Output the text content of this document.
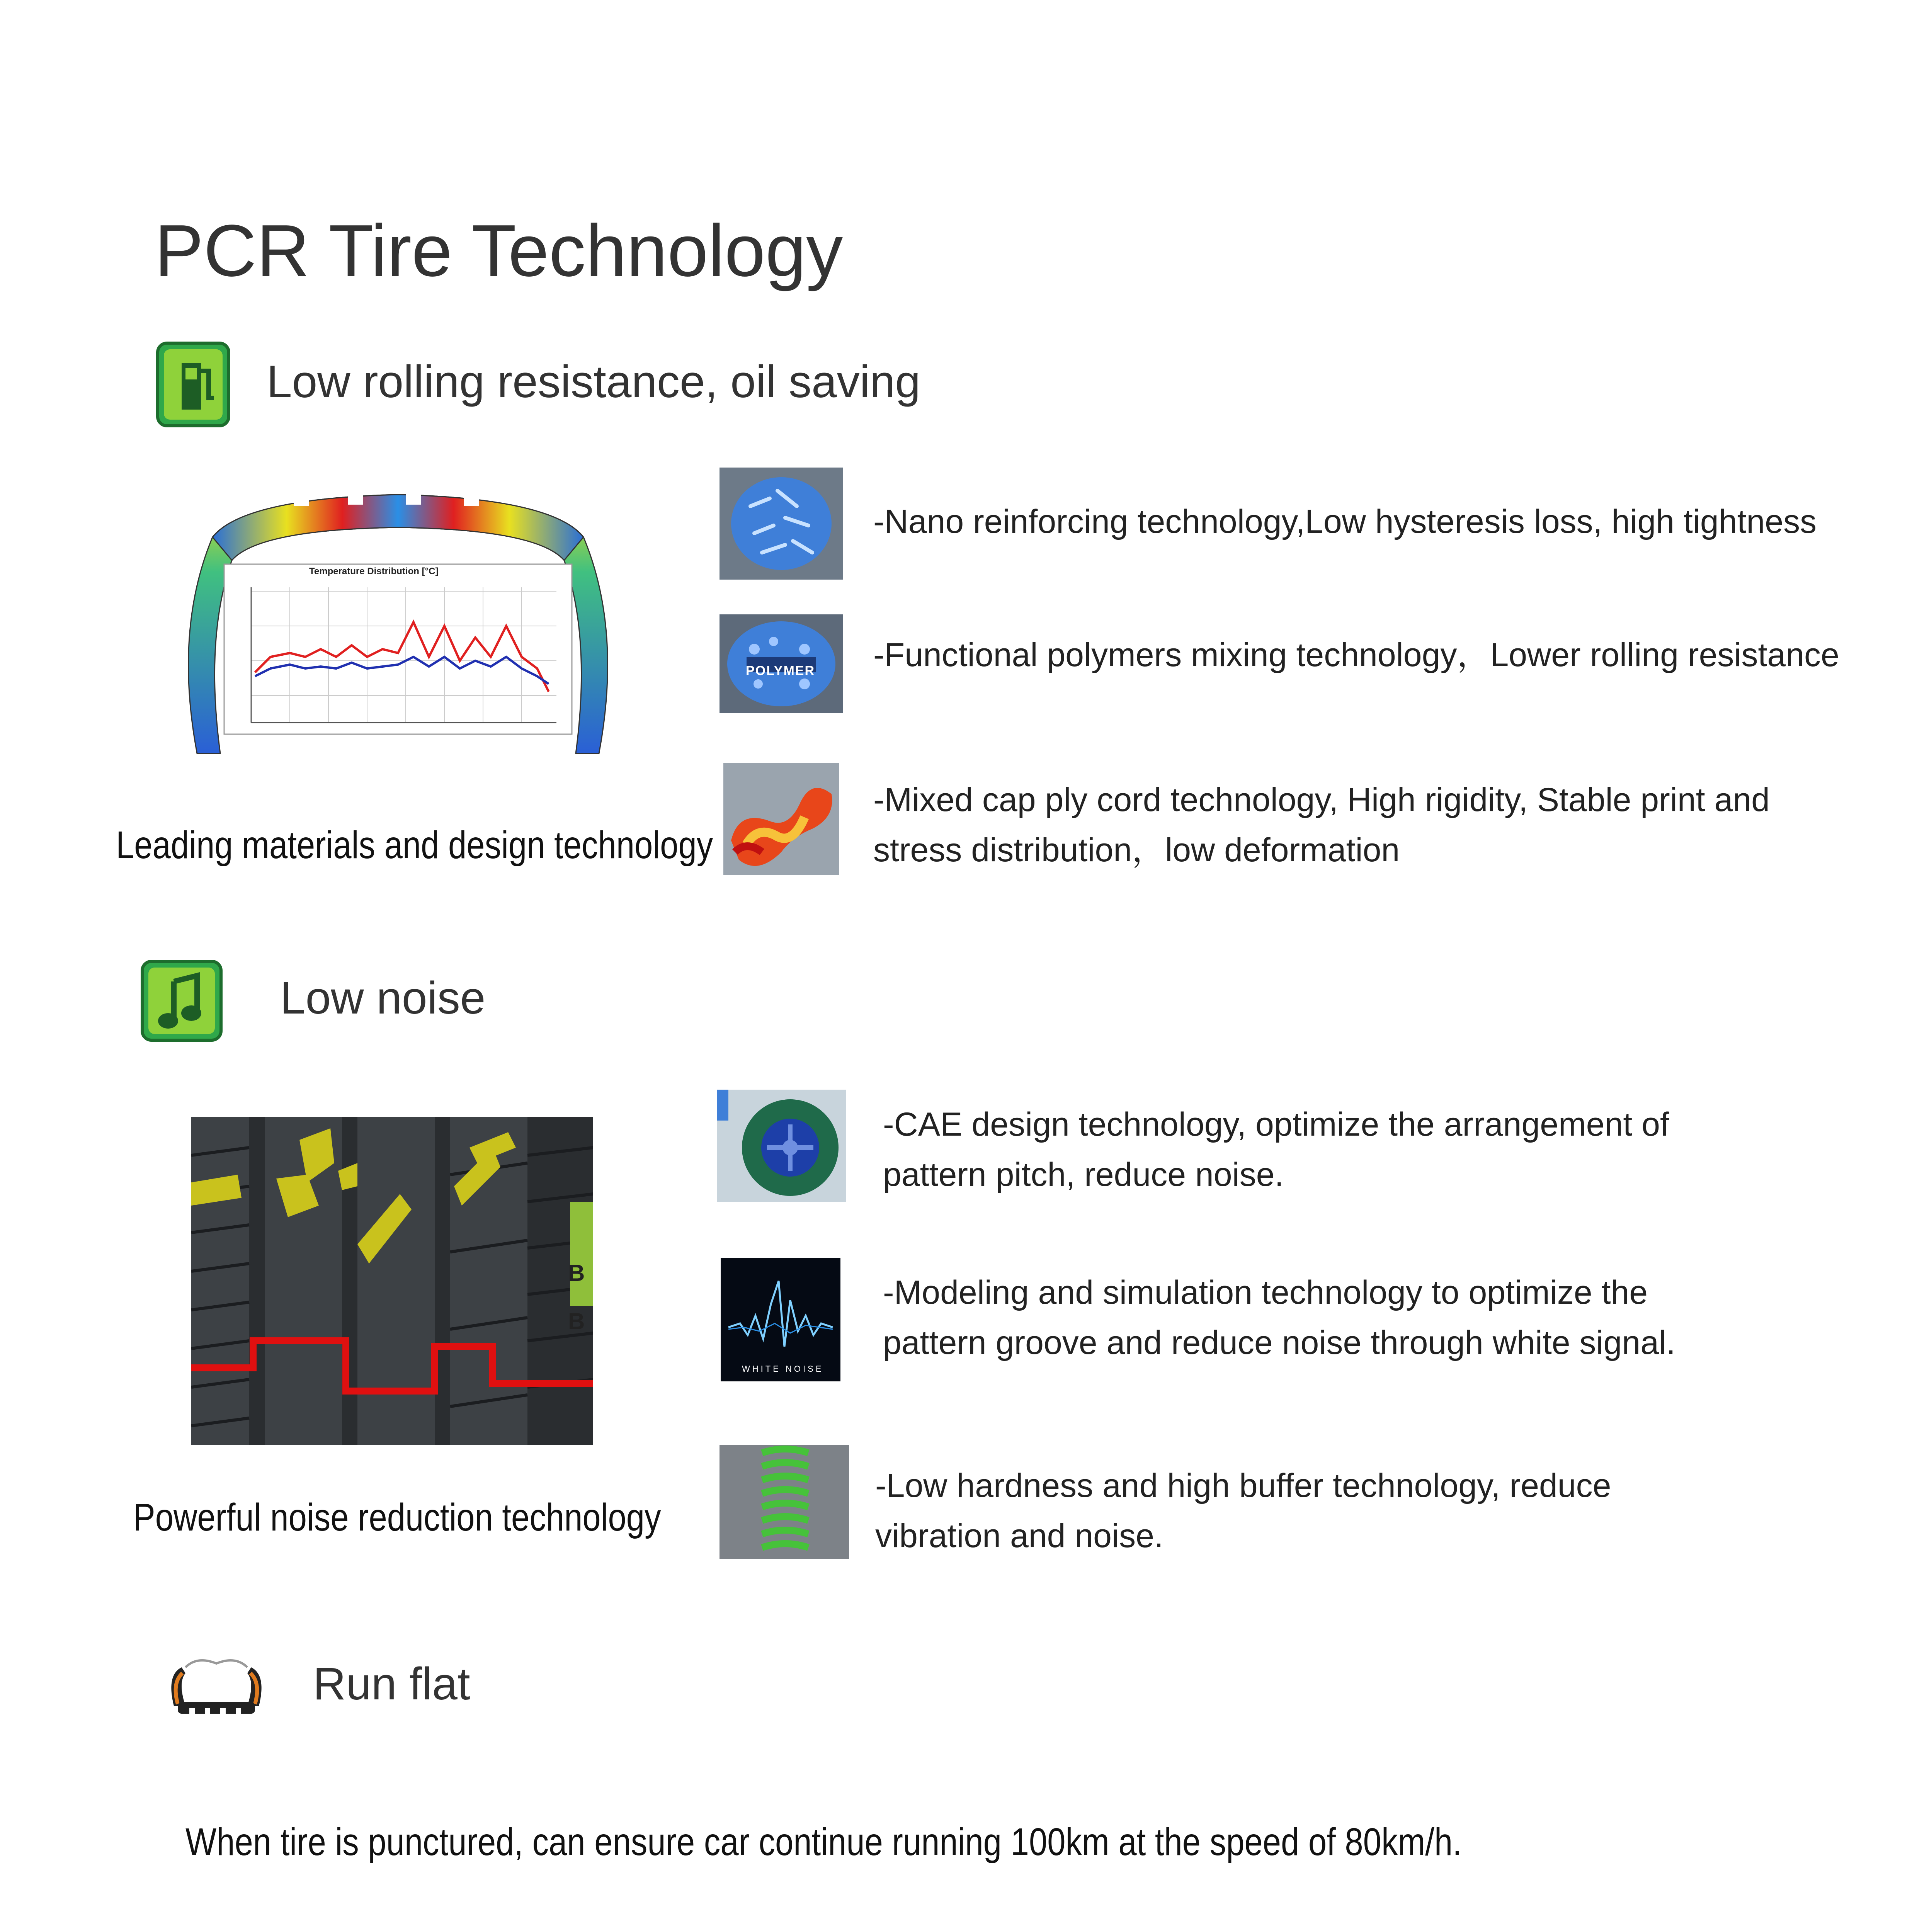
PCR Tire Technology
Low rolling resistance, oil saving
Temperature Distribution [°C]
Leading materials and design technology
-Nano reinforcing technology,Low hysteresis loss, high tightness
POLYMER -Functional polymers mixing technology，Lower rolling resistance
-Mixed cap ply cord technology, High rigidity, Stable print and
stress distribution，low deformation
Low noise
B
B
Powerful noise reduction technology
-CAE design technology, optimize the arrangement of
pattern pitch, reduce noise.
WHITE NOISE
-Modeling and simulation technology to optimize the
pattern groove and reduce noise through white signal.
-Low hardness and high buffer technology, reduce
vibration and noise.
Run flat
When tire is punctured, can ensure car continue running 100km at the speed of 80km/h.
